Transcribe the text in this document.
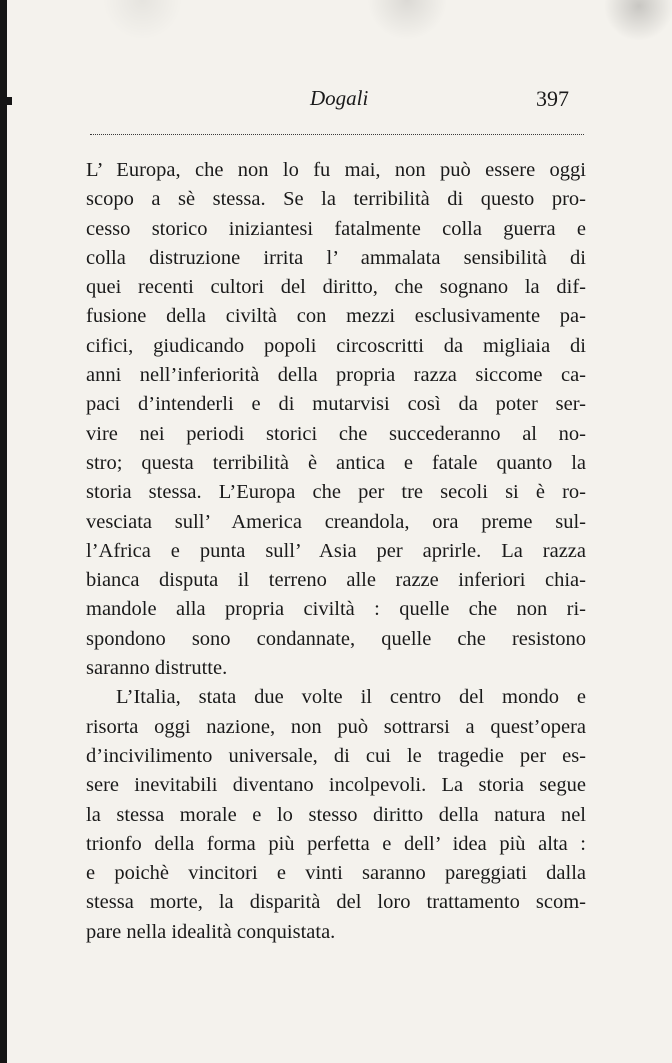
Dogali	397
L’ Europa, che non lo fu mai, non può essere oggi
scopo a sè stessa. Se la terribilità di questo pro-
cesso storico iniziantesi fatalmente colla guerra e
colla distruzione irrita l’ ammalata sensibilità di
quei recenti cultori del diritto, che sognano la dif-
fusione della civiltà con mezzi esclusivamente pa-
cifici, giudicando popoli circoscritti da migliaia di
anni nell’inferiorità della propria razza siccome ca-
paci d’intenderli e di mutarvisi così da poter ser-
vire nei periodi storici che succederanno al no-
stro; questa terribilità è antica e fatale quanto la
storia stessa. L’Europa che per tre secoli si è ro-
vesciata sull’ America creandola, ora preme sul-
l’Africa e punta sull’ Asia per aprirle. La razza
bianca disputa il terreno alle razze inferiori chia-
mandole alla propria civiltà : quelle che non ri-
spondono sono condannate, quelle che resistono
saranno distrutte.
L’Italia, stata due volte il centro del mondo e
risorta oggi nazione, non può sottrarsi a quest’opera
d’incivilimento universale, di cui le tragedie per es-
sere inevitabili diventano incolpevoli. La storia segue
la stessa morale e lo stesso diritto della natura nel
trionfo della forma più perfetta e dell’ idea più alta :
e poichè vincitori e vinti saranno pareggiati dalla
stessa morte, la disparità del loro trattamento scom-
pare nella idealità conquistata.
